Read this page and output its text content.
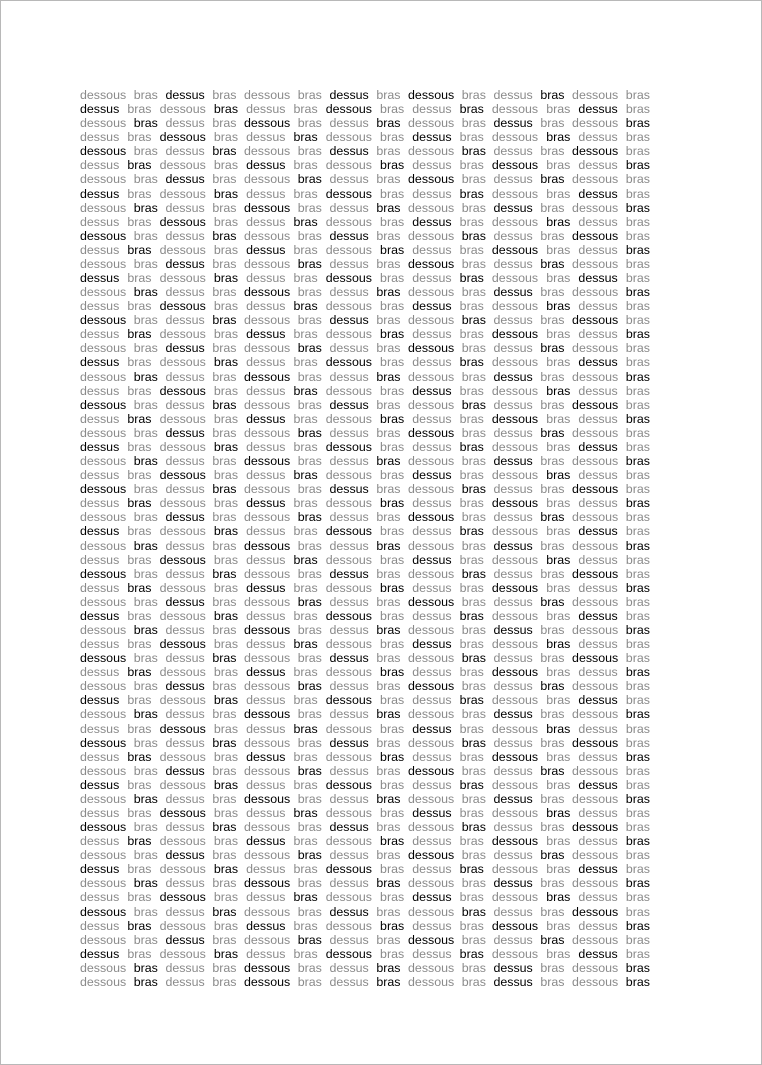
dessous bras dessus bras dessous bras dessus bras dessous bras dessus bras dessous bras
dessus bras dessous bras dessus bras dessous bras dessus bras dessous bras dessus bras
dessous bras dessus bras dessous bras dessus bras dessous bras dessus bras dessous bras
dessus bras dessous bras dessus bras dessous bras dessus bras dessous bras dessus bras
dessous bras dessus bras dessous bras dessus bras dessous bras dessus bras dessous bras
dessus bras dessous bras dessus bras dessous bras dessus bras dessous bras dessus bras
dessous bras dessus bras dessous bras dessus bras dessous bras dessus bras dessous bras
dessus bras dessous bras dessus bras dessous bras dessus bras dessous bras dessus bras
dessous bras dessus bras dessous bras dessus bras dessous bras dessus bras dessous bras
dessus bras dessous bras dessus bras dessous bras dessus bras dessous bras dessus bras
dessous bras dessus bras dessous bras dessus bras dessous bras dessus bras dessous bras
dessus bras dessous bras dessus bras dessous bras dessus bras dessous bras dessus bras
dessous bras dessus bras dessous bras dessus bras dessous bras dessus bras dessous bras
dessus bras dessous bras dessus bras dessous bras dessus bras dessous bras dessus bras
dessous bras dessus bras dessous bras dessus bras dessous bras dessus bras dessous bras
dessus bras dessous bras dessus bras dessous bras dessus bras dessous bras dessus bras
dessous bras dessus bras dessous bras dessus bras dessous bras dessus bras dessous bras
dessus bras dessous bras dessus bras dessous bras dessus bras dessous bras dessus bras
dessous bras dessus bras dessous bras dessus bras dessous bras dessus bras dessous bras
dessus bras dessous bras dessus bras dessous bras dessus bras dessous bras dessus bras
dessous bras dessus bras dessous bras dessus bras dessous bras dessus bras dessous bras
dessus bras dessous bras dessus bras dessous bras dessus bras dessous bras dessus bras
dessous bras dessus bras dessous bras dessus bras dessous bras dessus bras dessous bras
dessus bras dessous bras dessus bras dessous bras dessus bras dessous bras dessus bras
dessous bras dessus bras dessous bras dessus bras dessous bras dessus bras dessous bras
dessus bras dessous bras dessus bras dessous bras dessus bras dessous bras dessus bras
dessous bras dessus bras dessous bras dessus bras dessous bras dessus bras dessous bras
dessus bras dessous bras dessus bras dessous bras dessus bras dessous bras dessus bras
dessous bras dessus bras dessous bras dessus bras dessous bras dessus bras dessous bras
dessus bras dessous bras dessus bras dessous bras dessus bras dessous bras dessus bras
dessous bras dessus bras dessous bras dessus bras dessous bras dessus bras dessous bras
dessus bras dessous bras dessus bras dessous bras dessus bras dessous bras dessus bras
dessous bras dessus bras dessous bras dessus bras dessous bras dessus bras dessous bras
dessus bras dessous bras dessus bras dessous bras dessus bras dessous bras dessus bras
dessous bras dessus bras dessous bras dessus bras dessous bras dessus bras dessous bras
dessus bras dessous bras dessus bras dessous bras dessus bras dessous bras dessus bras
dessous bras dessus bras dessous bras dessus bras dessous bras dessus bras dessous bras
dessus bras dessous bras dessus bras dessous bras dessus bras dessous bras dessus bras
dessous bras dessus bras dessous bras dessus bras dessous bras dessus bras dessous bras
dessus bras dessous bras dessus bras dessous bras dessus bras dessous bras dessus bras
dessous bras dessus bras dessous bras dessus bras dessous bras dessus bras dessous bras
dessus bras dessous bras dessus bras dessous bras dessus bras dessous bras dessus bras
dessous bras dessus bras dessous bras dessus bras dessous bras dessus bras dessous bras
dessus bras dessous bras dessus bras dessous bras dessus bras dessous bras dessus bras
dessous bras dessus bras dessous bras dessus bras dessous bras dessus bras dessous bras
dessus bras dessous bras dessus bras dessous bras dessus bras dessous bras dessus bras
dessous bras dessus bras dessous bras dessus bras dessous bras dessus bras dessous bras
dessus bras dessous bras dessus bras dessous bras dessus bras dessous bras dessus bras
dessous bras dessus bras dessous bras dessus bras dessous bras dessus bras dessous bras
dessus bras dessous bras dessus bras dessous bras dessus bras dessous bras dessus bras
dessous bras dessus bras dessous bras dessus bras dessous bras dessus bras dessous bras
dessus bras dessous bras dessus bras dessous bras dessus bras dessous bras dessus bras
dessous bras dessus bras dessous bras dessus bras dessous bras dessus bras dessous bras
dessus bras dessous bras dessus bras dessous bras dessus bras dessous bras dessus bras
dessous bras dessus bras dessous bras dessus bras dessous bras dessus bras dessous bras
dessus bras dessous bras dessus bras dessous bras dessus bras dessous bras dessus bras
dessous bras dessus bras dessous bras dessus bras dessous bras dessus bras dessous bras
dessus bras dessous bras dessus bras dessous bras dessus bras dessous bras dessus bras
dessous bras dessus bras dessous bras dessus bras dessous bras dessus bras dessous bras
dessus bras dessous bras dessus bras dessous bras dessus bras dessous bras dessus bras
dessous bras dessus bras dessous bras dessus bras dessous bras dessus bras dessous bras
dessus bras dessous bras dessus bras dessous bras dessus bras dessous bras dessus bras
dessous bras dessus bras dessous bras dessus bras dessous bras dessus bras dessous bras
dessous bras dessus bras dessous bras dessus bras dessous bras dessus bras dessous bras
